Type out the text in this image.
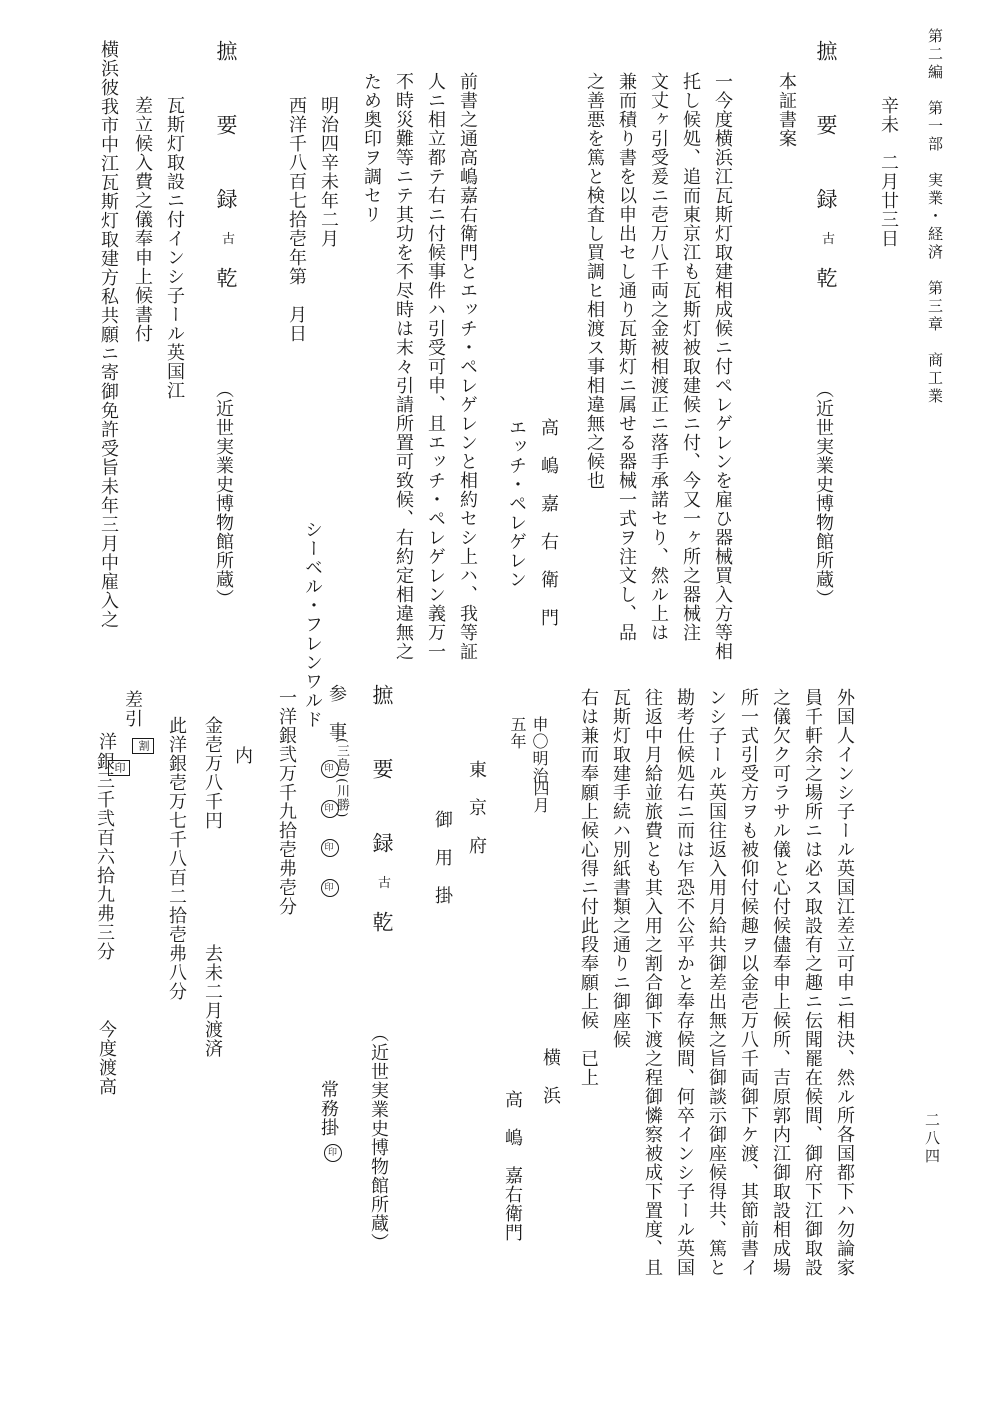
第二編　第一部　実業・経済　第三章　商工業
二八四
辛未　二月廿三日
摭　要　録 古 乾
（近世実業史博物館所蔵）
本証書案
一今度横浜江瓦斯灯取建相成候ニ付ペレゲレンを雇ひ器械買入方等相
托し候処、追而東京江も瓦斯灯被取建候ニ付、今又一ヶ所之器械注
文丈ヶ引受爰ニ壱万八千両之金被相渡正ニ落手承諾セり、然ル上は
兼而積り書を以申出セし通り瓦斯灯ニ属せる器械一式ヲ注文し、品
之善悪を篤と検査し買調ヒ相渡ス事相違無之候也
高　嶋　嘉　右　衛　門
エッチ・ペレゲレン
前書之通高嶋嘉右衛門とエッチ・ペレゲレンと相約セシ上ハ、我等証
人ニ相立都テ右ニ付候事件ハ引受可申、且エッチ・ペレゲレン義万一
不時災難等ニテ其功を不尽時は末々引請所置可致候、右約定相違無之
ため奥印ヲ調セリ
明治四辛未年二月
西洋千八百七拾壱年第　月日
シーベル・フレンワルド
摭　要　録 古 乾
（近世実業史博物館所蔵）
瓦斯灯取設ニ付インシ子ール英国江
差立候入費之儀奉申上候書付
横浜彼我市中江瓦斯灯取建方私共願ニ寄御免許受旨未年三月中雇入之
外国人インシ子ール英国江差立可申ニ相決、然ル所各国都下ハ勿論家
員千軒余之場所ニは必ス取設有之趣ニ伝聞罷在候間、御府下江御取設
之儀欠ク可ラサル儀と心付候儘奉申上候所、吉原郭内江御取設相成場
所一式引受方ヲも被仰付候趣ヲ以金壱万八千両御下ケ渡、其節前書イ
ンシ子ール英国往返入用月給共御差出無之旨御談示御座候得共、篤と
勘考仕候処右ニ而は乍恐不公平かと奉存候間、何卒インシ子ール英国
往返中月給並旅費とも其入用之割合御下渡之程御憐察被成下置度、且
瓦斯灯取建手続ハ別紙書類之通りニ御座候
右は兼而奉願上候心得ニ付此段奉願上候　已上
横　浜
高　嶋　嘉右衛門
申〇明治
五年
四月
東　京　府
御　用　掛
摭　要　録 古 乾
（近世実業史博物館所蔵）
参　事
(三島)(川勝)
印  印  印  印
常務掛 印
一洋銀弐万千九拾壱弗壱分
内
金壱万八千円
去未二月渡済
此洋銀壱万七千八百二拾壱弗八分
差引
洋
銀三千弐百六拾九弗三分
割
印
今度渡高
